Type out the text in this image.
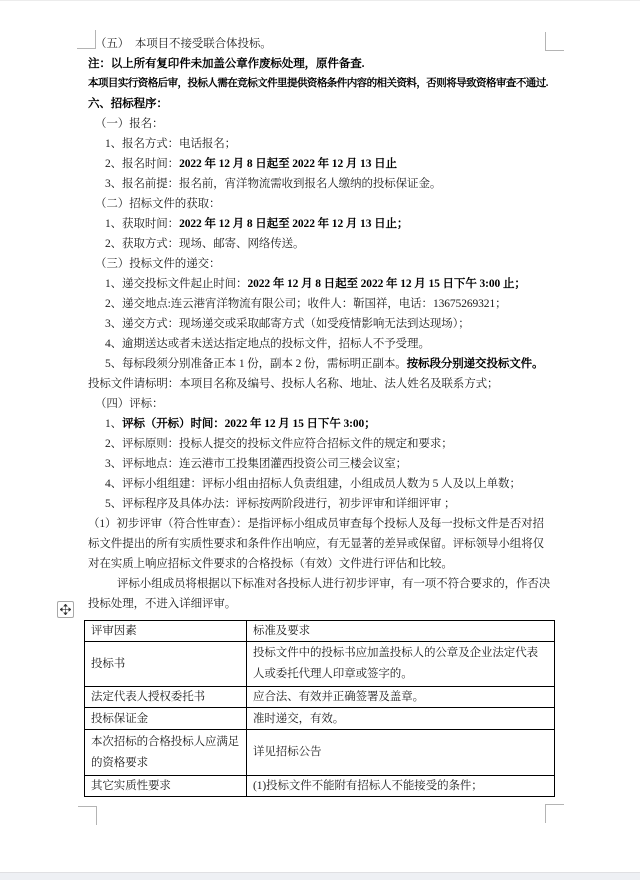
（五）　本项目不接受联合体投标。

注：以上所有复印件未加盖公章作废标处理，原件备查.

本项目实行资格后审，投标人需在竞标文件里提供资格条件内容的相关资料，否则将导致资格审查不通过.

六、招标程序：

（一）报名：

1、报名方式：电话报名；

2、报名时间：2022 年 12 月 8 日起至 2022 年 12 月 13 日止

3、报名前提：报名前，宵洋物流需收到报名人缴纳的投标保证金。

（二）招标文件的获取：

1、获取时间：2022 年 12 月 8 日起至 2022 年 12 月 13 日止；

2、获取方式：现场、邮寄、网络传送。

（三）投标文件的递交：

1、递交投标文件起止时间：2022 年 12 月 8 日起至 2022 年 12 月 15 日下午 3:00 止；

2、递交地点:连云港宵洋物流有限公司；收件人：靳国祥，电话：13675269321；

3、递交方式：现场递交或采取邮寄方式（如受疫情影响无法到达现场）；

4、逾期送达或者未送达指定地点的投标文件，招标人不予受理。

5、每标段须分别准备正本 1 份，副本 2 份，需标明正副本。按标段分别递交投标文件。

投标文件请标明：本项目名称及编号、投标人名称、地址、法人姓名及联系方式；

（四）评标：

1、评标（开标）时间：2022 年 12 月 15 日下午 3:00；

2、评标原则：投标人提交的投标文件应符合招标文件的规定和要求；

3、评标地点：连云港市工投集团灌西投资公司三楼会议室；

4、评标小组组建：评标小组由招标人负责组建，小组成员人数为 5 人及以上单数；

5、评标程序及具体办法：评标按两阶段进行，初步评审和详细评审 ；

（1）初步评审（符合性审查）：是指评标小组成员审查每个投标人及每一投标文件是否对招

标文件提出的所有实质性要求和条件作出响应，有无显著的差异或保留。评标领导小组将仅

对在实质上响应招标文件要求的合格投标（有效）文件进行评估和比较。

评标小组成员将根据以下标准对各投标人进行初步评审，有一项不符合要求的，作否决

投标处理，不进入详细评审。

评审因素	标准及要求
投标书	投标文件中的投标书应加盖投标人的公章及企业法定代表人或委托代理人印章或签字的。
法定代表人授权委托书	应合法、有效并正确签署及盖章。
投标保证金	准时递交，有效。
本次招标的合格投标人应满足的资格要求	详见招标公告
其它实质性要求	(1)投标文件不能附有招标人不能接受的条件；
